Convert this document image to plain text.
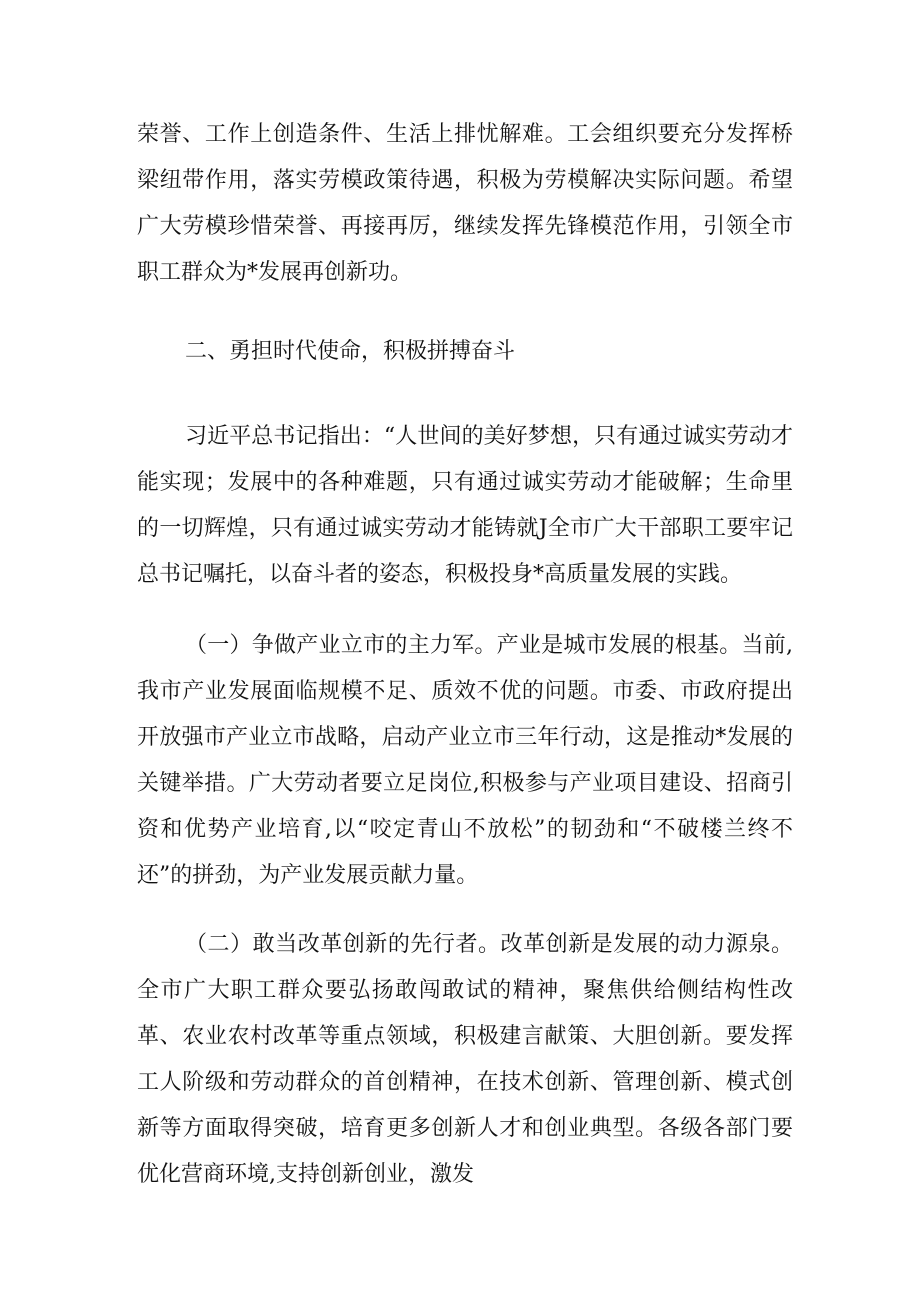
荣誉、工作上创造条件、生活上排忧解难。工会组织要充分发挥桥梁纽带作用，落实劳模政策待遇，积极为劳模解决实际问题。希望广大劳模珍惜荣誉、再接再厉，继续发挥先锋模范作用，引领全市职工群众为*发展再创新功。

二、勇担时代使命，积极拼搏奋斗

习近平总书记指出：“人世间的美好梦想，只有通过诚实劳动才能实现；发展中的各种难题，只有通过诚实劳动才能破解；生命里的一切辉煌，只有通过诚实劳动才能铸就J全市广大干部职工要牢记总书记嘱托，以奋斗者的姿态，积极投身*高质量发展的实践。

（一）争做产业立市的主力军。产业是城市发展的根基。当前,我市产业发展面临规模不足、质效不优的问题。市委、市政府提出开放强市产业立市战略，启动产业立市三年行动，这是推动*发展的关键举措。广大劳动者要立足岗位,积极参与产业项目建设、招商引资和优势产业培育,以“咬定青山不放松”的韧劲和“不破楼兰终不还”的拼劲，为产业发展贡献力量。

（二）敢当改革创新的先行者。改革创新是发展的动力源泉。全市广大职工群众要弘扬敢闯敢试的精神，聚焦供给侧结构性改革、农业农村改革等重点领域，积极建言献策、大胆创新。要发挥工人阶级和劳动群众的首创精神，在技术创新、管理创新、模式创新等方面取得突破，培育更多创新人才和创业典型。各级各部门要优化营商环境,支持创新创业，激发
